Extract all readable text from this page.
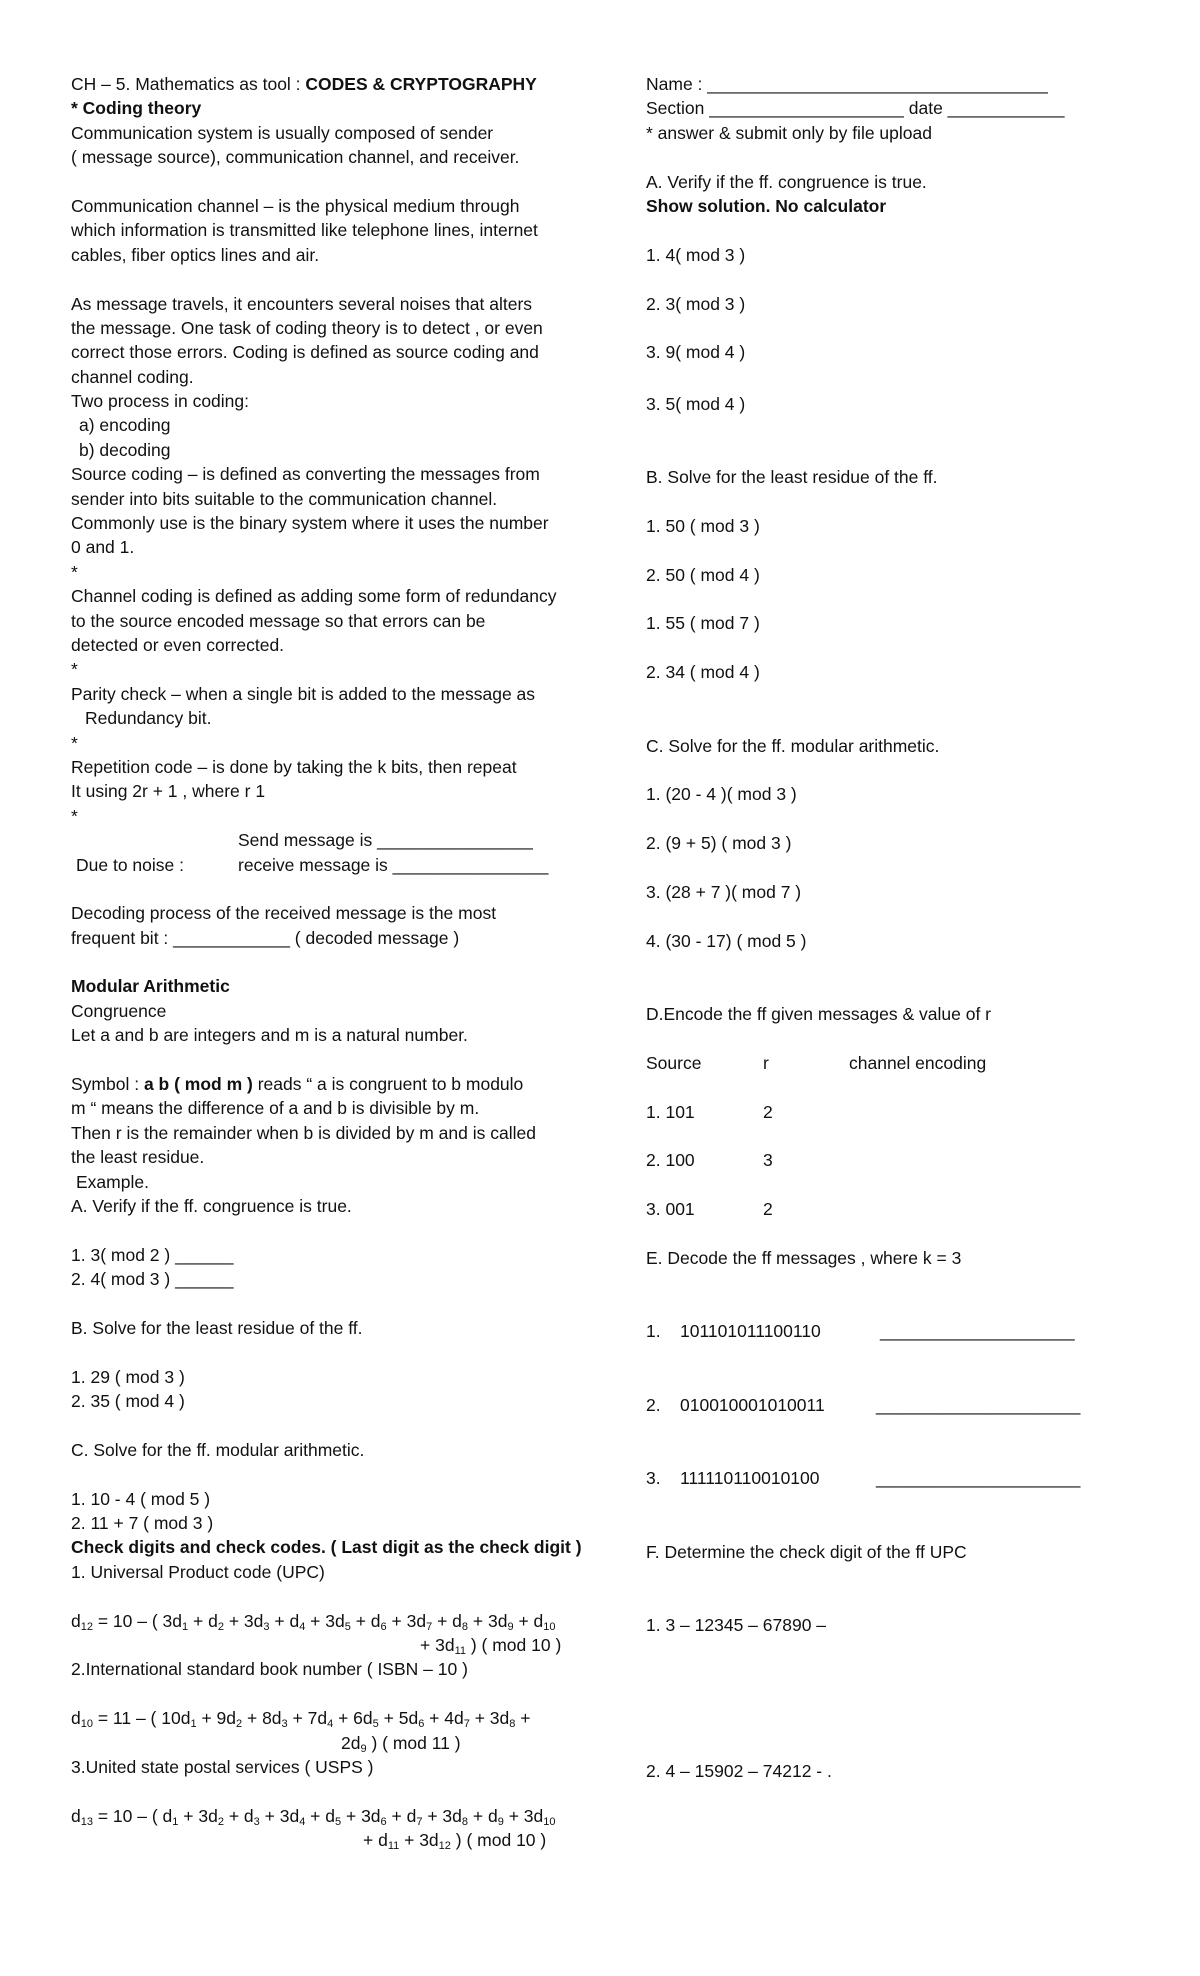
CH – 5. Mathematics as tool : CODES & CRYPTOGRAPHY
* Coding theory
Communication system is usually composed of sender
( message source), communication channel, and receiver.
Communication channel – is the physical medium through
which information is transmitted like telephone lines, internet
cables, fiber optics lines and air.
As message travels, it encounters several noises that alters
the message. One task of coding theory is to detect , or even
correct those errors. Coding is defined as source coding and
channel coding.
Two process in coding:
a) encoding
b) decoding
Source coding – is defined as converting the messages from
sender into bits suitable to the communication channel.
Commonly use is the binary system where it uses the number
0 and 1.
*
Channel coding is defined as adding some form of redundancy
to the source encoded message so that errors can be
detected or even corrected.
*
Parity check – when a single bit is added to the message as
Redundancy bit.
*
Repetition code – is done by taking the k bits, then repeat
It using 2r + 1 , where r 1
*
Send message is ________________
Due to noise :	receive message is ________________
Decoding process of the received message is the most
frequent bit : ____________ ( decoded message )
Modular Arithmetic
Congruence
Let a and b are integers and m is a natural number.
Symbol : a b ( mod m ) reads “ a is congruent to b modulo
m “ means the difference of a and b is divisible by m.
Then r is the remainder when b is divided by m and is called
the least residue.
Example.
A. Verify if the ff. congruence is true.
1. 3( mod 2 ) ______
2. 4( mod 3 ) ______
B. Solve for the least residue of the ff.
1. 29 ( mod 3 )
2. 35 ( mod 4 )
C. Solve for the ff. modular arithmetic.
1. 10 - 4 ( mod 5 )
2. 11 + 7 ( mod 3 )
Check digits and check codes. ( Last digit as the check digit )
1. Universal Product code (UPC)
$d_{12} = 10$ – ( $3d_1 + d_2 + 3d_3 + d_4 + 3d_5 + d_6 + 3d_7 + d_8 + 3d_9 + d_{10}$
+ $3d_{11}$ ) ( mod 10 )
2.International standard book number ( ISBN – 10 )
$d_{10} = 11$ – ( $10d_1 + 9d_2 + 8d_3 + 7d_4 + 6d_5 + 5d_6 + 4d_7 + 3d_8$ +
$2d_9$ ) ( mod 11 )
3.United state postal services ( USPS )
$d_{13} = 10$ – ( $d_1 + 3d_2 + d_3 + 3d_4 + d_5 + 3d_6 + d_7 + 3d_8 + d_9 + 3d_{10}$
+ $d_{11} + 3d_{12}$ ) ( mod 10 )
Name : ___________________________________
Section ____________________ date ____________
* answer & submit only by file upload
A. Verify if the ff. congruence is true.
Show solution. No calculator
1. 4( mod 3 )
2. 3( mod 3 )
3. 9( mod 4 )
3. 5( mod 4 )
B. Solve for the least residue of the ff.
1. 50 ( mod 3 )
2. 50 ( mod 4 )
1. 55 ( mod 7 )
2. 34 ( mod 4 )
C. Solve for the ff. modular arithmetic.
1. (20 - 4 )( mod 3 )
2. (9 + 5) ( mod 3 )
3. (28 + 7 )( mod 7 )
4. (30 - 17) ( mod 5 )
D.Encode the ff given messages & value of r
Source	r	channel encoding
1. 101	2
2. 100	3
3. 001	2
E. Decode the ff messages , where k = 3
1. 101101011100110	____________________
2. 010010001010011	_____________________
3. 111110110010100	_____________________
F. Determine the check digit of the ff UPC
1. 3 – 12345 – 67890 –
2. 4 – 15902 – 74212 - .
